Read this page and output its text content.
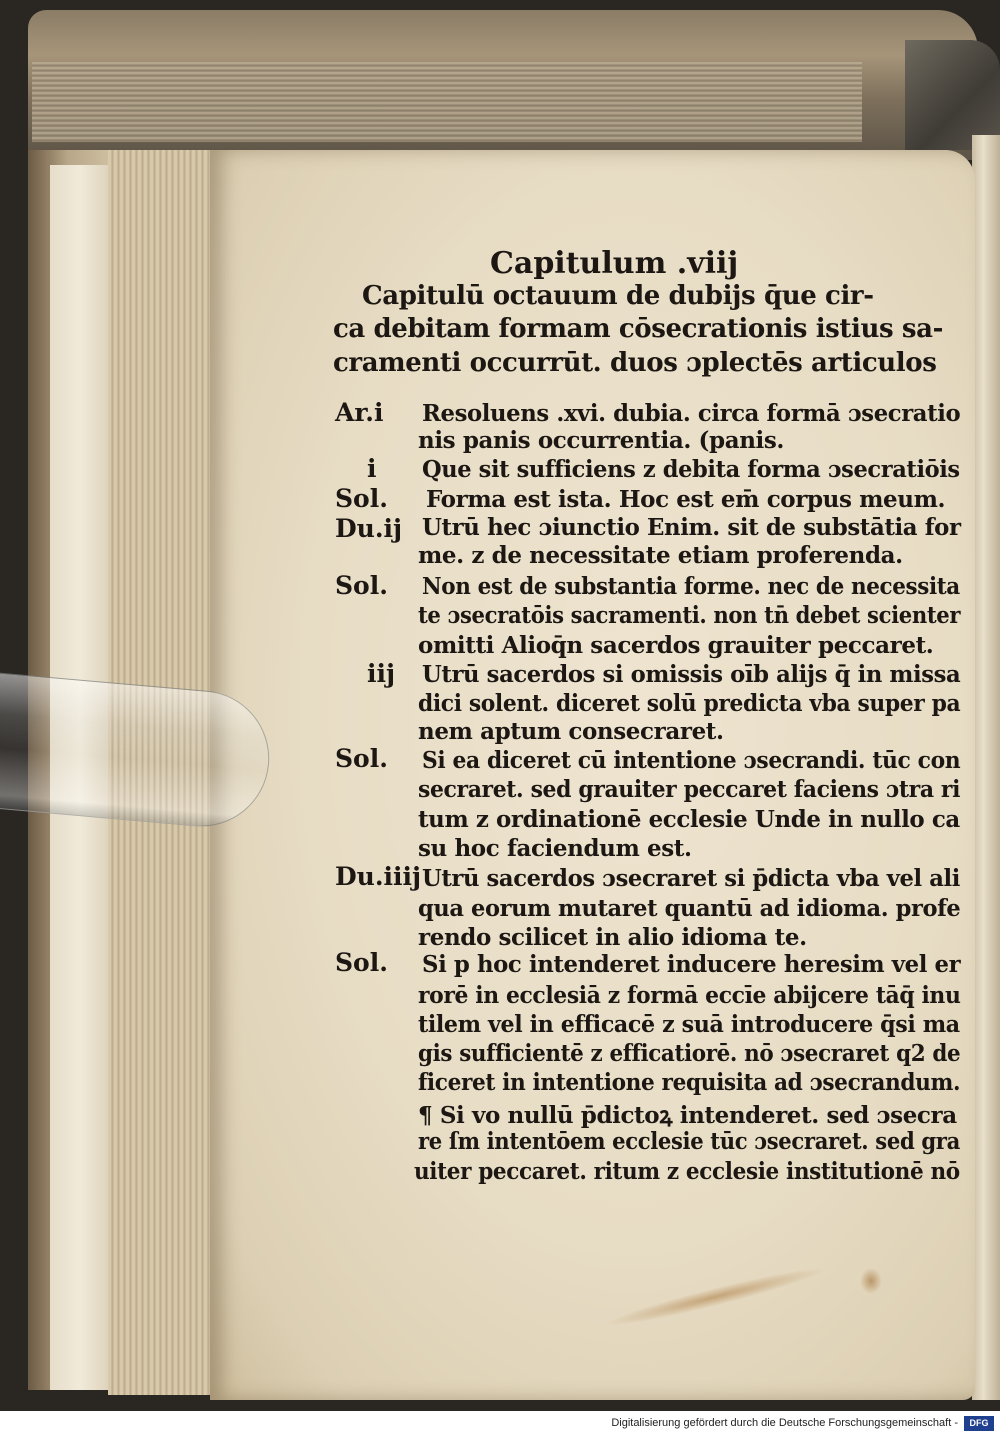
Capitulum .viij
Capitulū octauum de dubijs q̄ue cir-
ca debitam formam cōsecrationis istius sa-
cramenti occurrūt. duos ɔplectēs articulos
Ar.i
i
Sol.
Du.ij
Sol.
iij
Sol.
Du.iiij
Sol.
Resoluens .xvi. dubia. circa formā ɔsecratio
nis panis occurrentia. (panis.
Que sit sufficiens z debita forma ɔsecratiōis
Forma est ista. Hoc est em̄ corpus meum.
Utrū hec ɔiunctio Enim. sit de substātia for
me. z de necessitate etiam proferenda.
Non est de substantia forme. nec de necessita
te ɔsecratōis sacramenti. non tn̄ debet scienter
omitti Alioq̄n sacerdos grauiter peccaret.
Utrū sacerdos si omissis oīb alijs q̄ in missa
dici solent. diceret solū predicta vba super pa
nem aptum consecraret.
Si ea diceret cū intentione ɔsecrandi. tūc con
secraret. sed grauiter peccaret faciens ɔtra ri
tum z ordinationē ecclesie Unde in nullo ca
su hoc faciendum est.
Utrū sacerdos ɔsecraret si p̄dicta vba vel ali
qua eorum mutaret quantū ad idioma. profe
rendo scilicet in alio idioma te.
Si p hoc intenderet inducere heresim vel er
rorē in ecclesiā z formā eccīe abijcere tāq̄ inu
tilem vel in efficacē z suā introducere q̄si ma
gis sufficientē z efficatiorē. nō ɔsecraret q2 de
ficeret in intentione requisita ad ɔsecrandum.
¶ Si vo nullū p̄dictoꝝ intenderet. sed ɔsecra
re ſm intentōem ecclesie tūc ɔsecraret. sed gra
uiter peccaret. ritum z ecclesie institutionē nō
Digitalisierung gefördert durch die Deutsche Forschungsgemeinschaft -	DFG
